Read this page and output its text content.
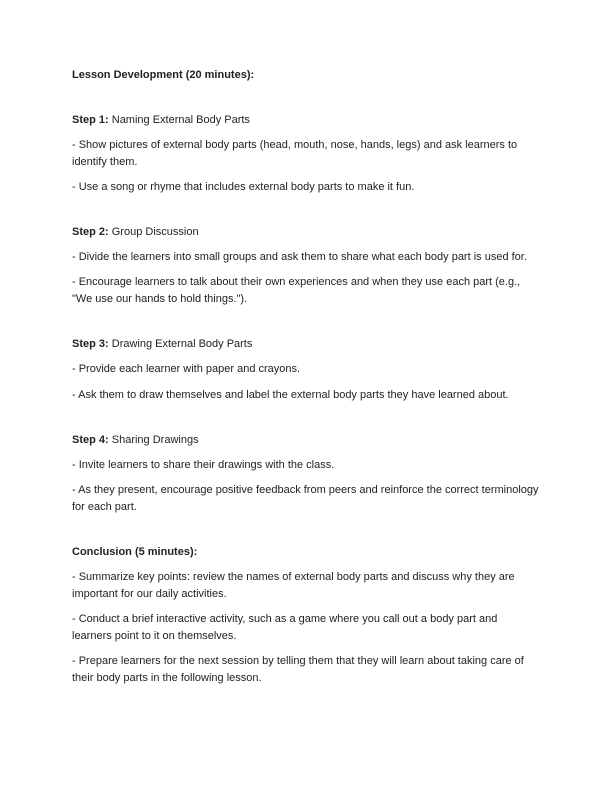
Lesson Development (20 minutes):

Step 1: Naming External Body Parts

- Show pictures of external body parts (head, mouth, nose, hands, legs) and ask learners to identify them.

- Use a song or rhyme that includes external body parts to make it fun.

Step 2: Group Discussion

- Divide the learners into small groups and ask them to share what each body part is used for.

- Encourage learners to talk about their own experiences and when they use each part (e.g., "We use our hands to hold things.").

Step 3: Drawing External Body Parts

- Provide each learner with paper and crayons.

- Ask them to draw themselves and label the external body parts they have learned about.

Step 4: Sharing Drawings

- Invite learners to share their drawings with the class.

- As they present, encourage positive feedback from peers and reinforce the correct terminology for each part.

Conclusion (5 minutes):

- Summarize key points: review the names of external body parts and discuss why they are important for our daily activities.

- Conduct a brief interactive activity, such as a game where you call out a body part and learners point to it on themselves.

- Prepare learners for the next session by telling them that they will learn about taking care of their body parts in the following lesson.
